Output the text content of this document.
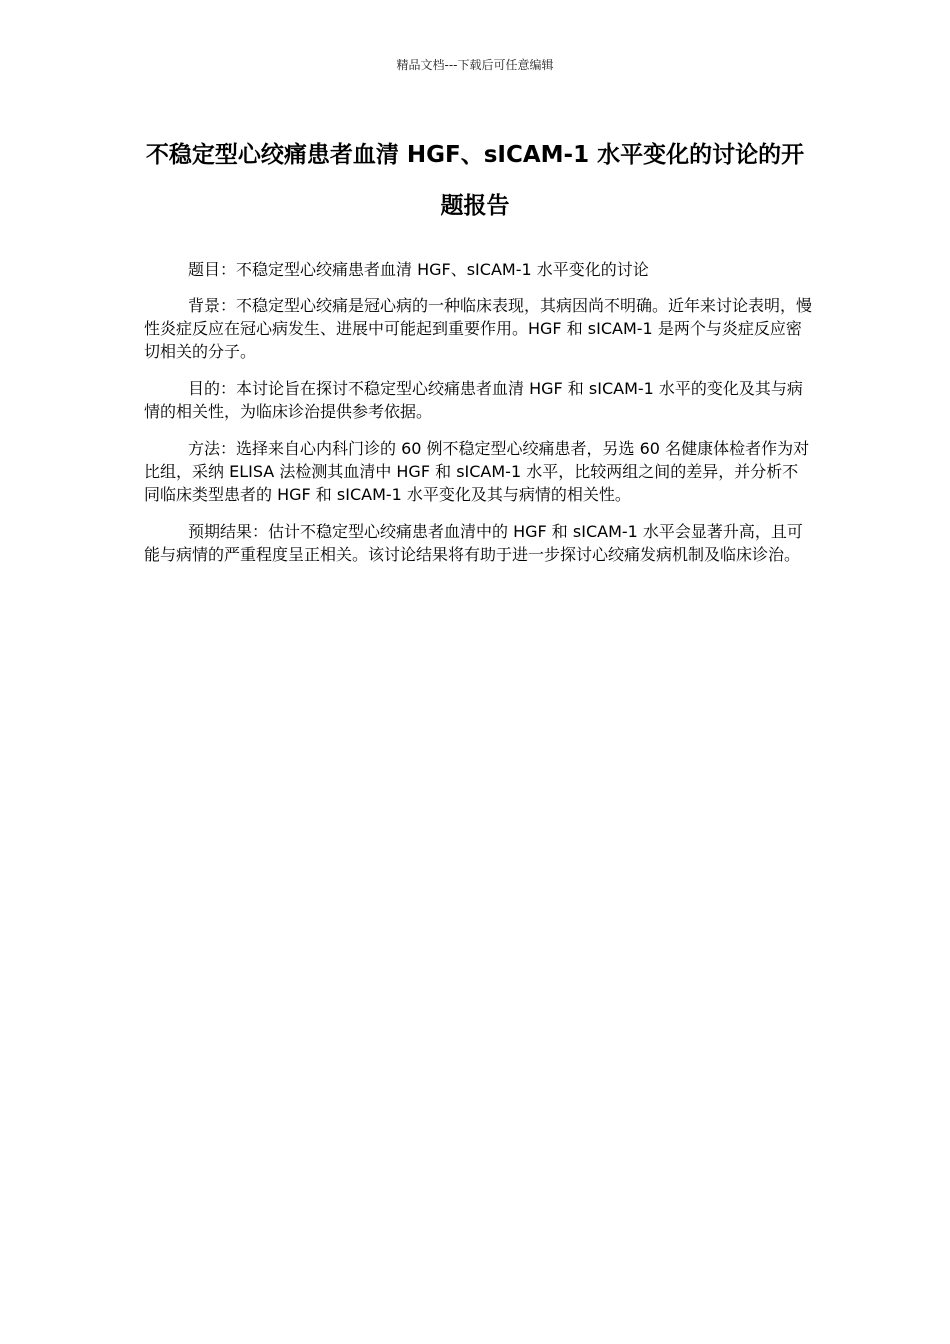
精品文档---下载后可任意编辑
不稳定型心绞痛患者血清 HGF、sICAM-1 水平变化的讨论的开题报告

题目：不稳定型心绞痛患者血清 HGF、sICAM-1 水平变化的讨论

背景：不稳定型心绞痛是冠心病的一种临床表现，其病因尚不明确。近年来讨论表明，慢性炎症反应在冠心病发生、进展中可能起到重要作用。HGF 和 sICAM-1 是两个与炎症反应密切相关的分子。

目的：本讨论旨在探讨不稳定型心绞痛患者血清 HGF 和 sICAM-1 水平的变化及其与病情的相关性，为临床诊治提供参考依据。

方法：选择来自心内科门诊的 60 例不稳定型心绞痛患者，另选 60 名健康体检者作为对比组，采纳 ELISA 法检测其血清中 HGF 和 sICAM-1 水平，比较两组之间的差异，并分析不同临床类型患者的 HGF 和 sICAM-1 水平变化及其与病情的相关性。

预期结果：估计不稳定型心绞痛患者血清中的 HGF 和 sICAM-1 水平会显著升高，且可能与病情的严重程度呈正相关。该讨论结果将有助于进一步探讨心绞痛发病机制及临床诊治。
